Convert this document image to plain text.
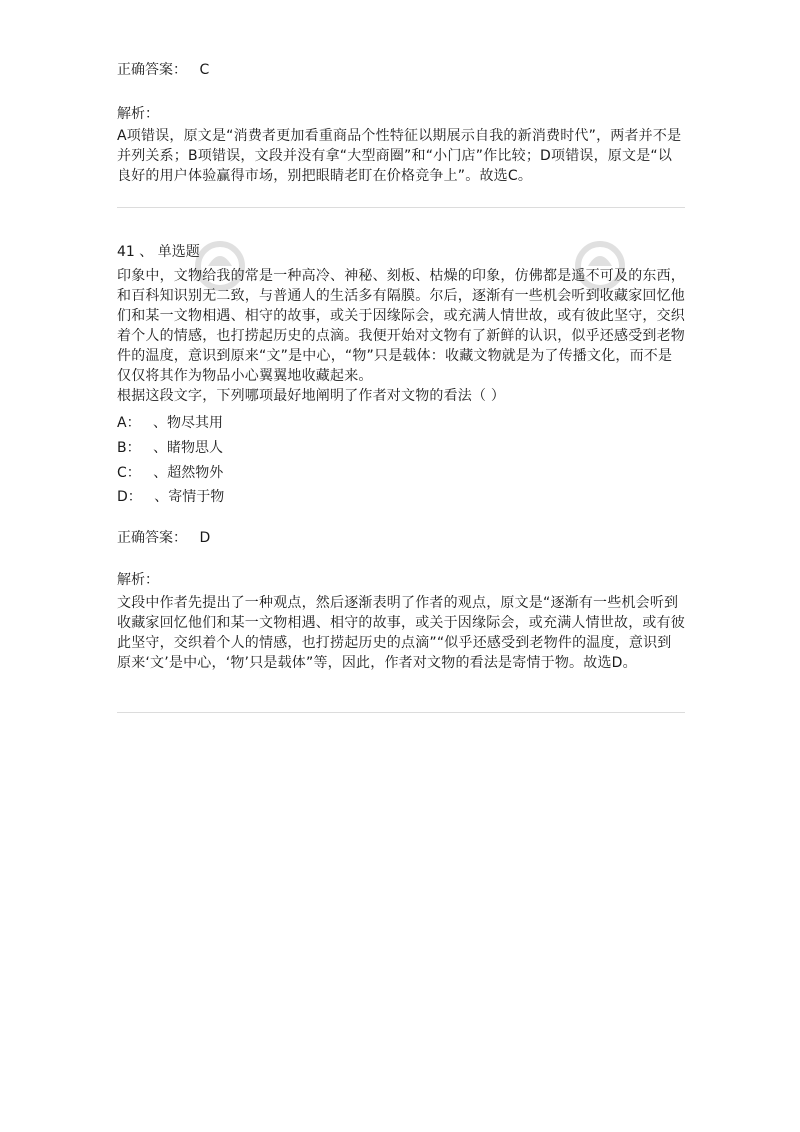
正确答案： C
解析：

A项错误，原文是“消费者更加看重商品个性特征以期展示自我的新消费时代”，两者并不是并列关系；B项错误，文段并没有拿“大型商圈”和“小门店”作比较；D项错误，原文是“以良好的用户体验赢得市场，别把眼睛老盯在价格竞争上”。故选C。

41 、 单选题

印象中，文物给我的常是一种高冷、神秘、刻板、枯燥的印象，仿佛都是遥不可及的东西，和百科知识别无二致，与普通人的生活多有隔膜。尔后，逐渐有一些机会听到收藏家回忆他们和某一文物相遇、相守的故事，或关于因缘际会，或充满人情世故，或有彼此坚守，交织着个人的情感，也打捞起历史的点滴。我便开始对文物有了新鲜的认识，似乎还感受到老物件的温度，意识到原来“文”是中心，“物”只是载体：收藏文物就是为了传播文化，而不是仅仅将其作为物品小心翼翼地收藏起来。

根据这段文字，下列哪项最好地阐明了作者对文物的看法（ ）

A： 、物尽其用
B： 、睹物思人
C： 、超然物外
D： 、寄情于物
正确答案： D
解析：

文段中作者先提出了一种观点，然后逐渐表明了作者的观点，原文是“逐渐有一些机会听到收藏家回忆他们和某一文物相遇、相守的故事，或关于因缘际会，或充满人情世故，或有彼此坚守，交织着个人的情感，也打捞起历史的点滴”“似乎还感受到老物件的温度，意识到原来‘文’是中心，‘物’只是载体”等，因此，作者对文物的看法是寄情于物。故选D。
